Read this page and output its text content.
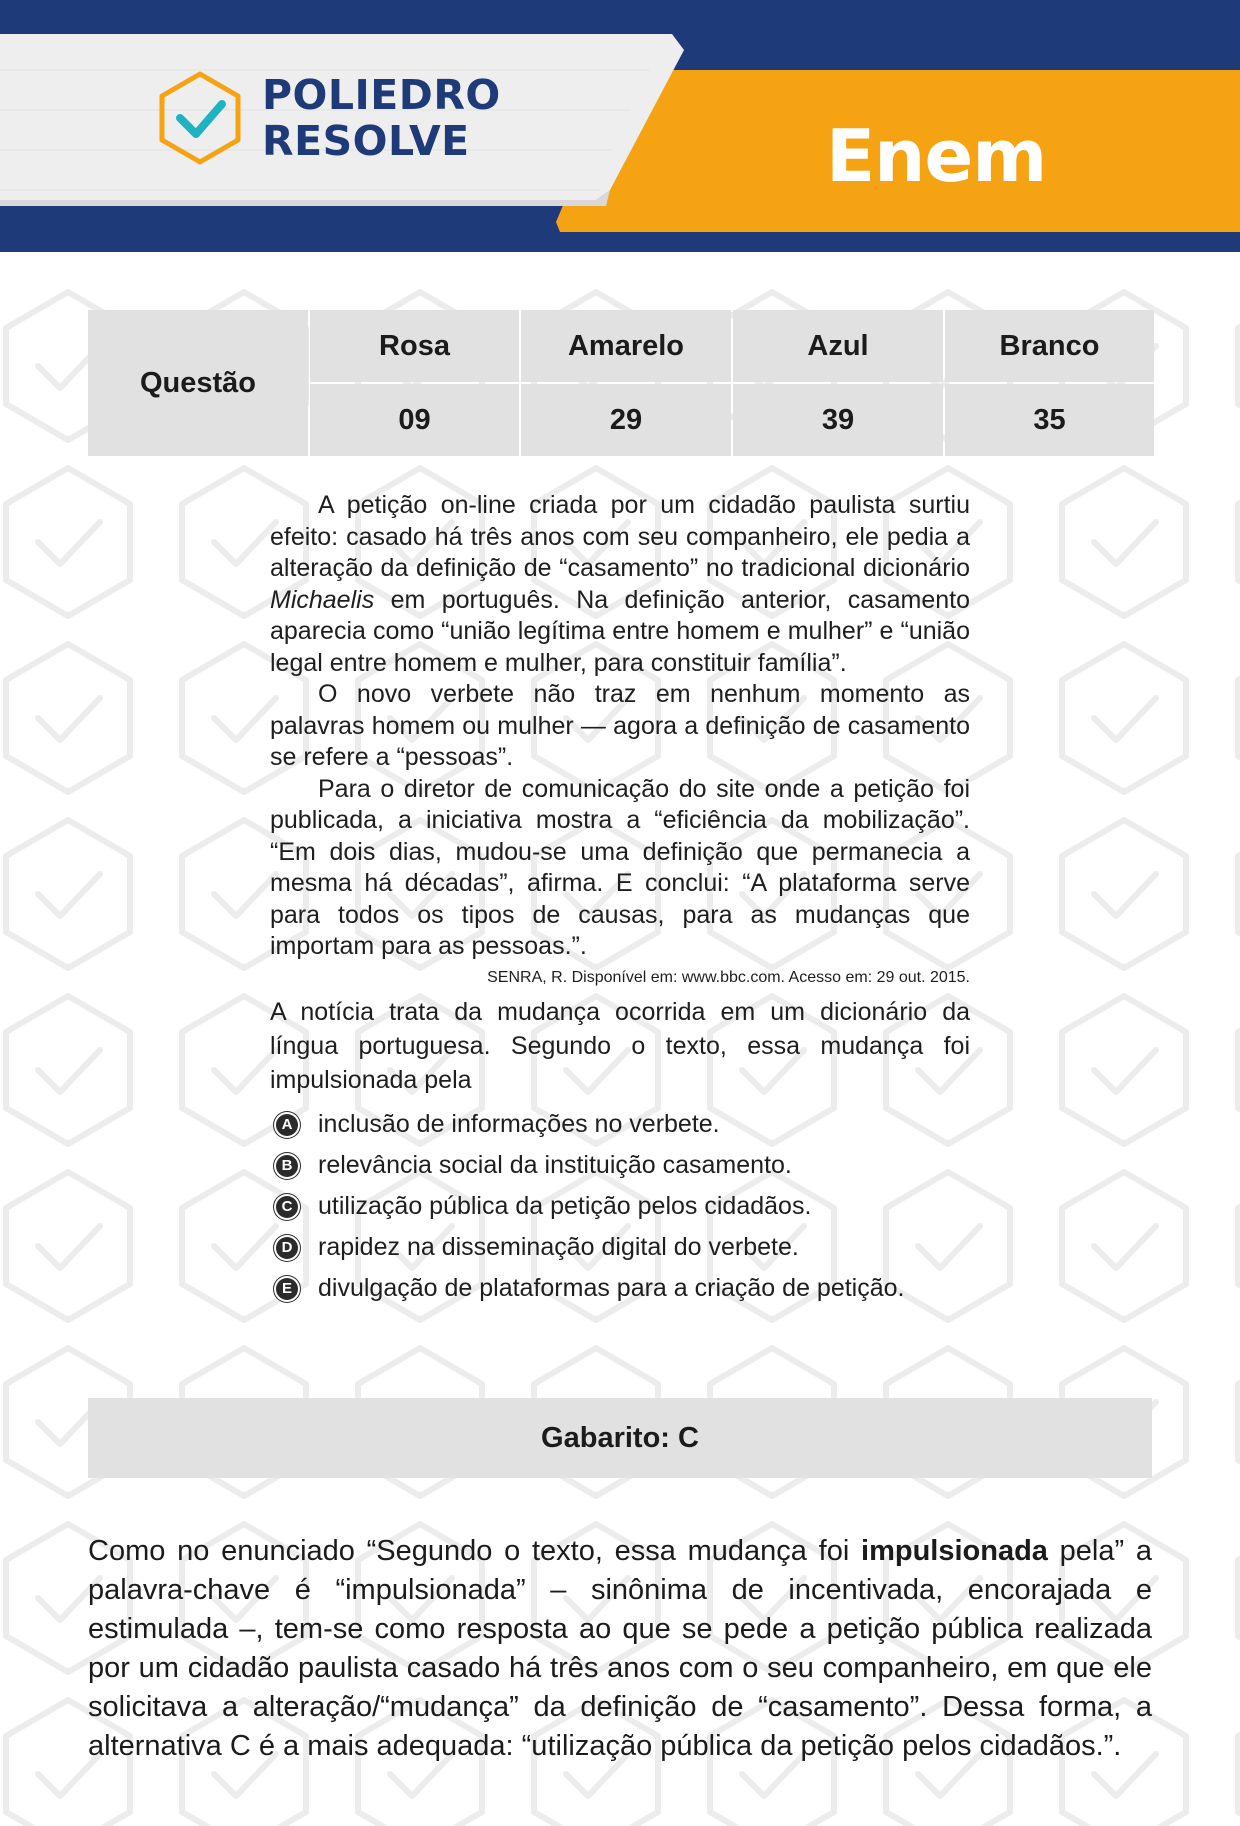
POLIEDRO
RESOLVE	Enem
Questão
Rosa	Amarelo	Azul	Branco
09	29	39	35

A petição on-line criada por um cidadão paulista surtiu efeito: casado há três anos com seu companheiro, ele pedia a alteração da definição de “casamento” no tradicional dicionário Michaelis em português. Na definição anterior, casamento aparecia como “união legítima entre homem e mulher” e “união legal entre homem e mulher, para constituir família”.

O novo verbete não traz em nenhum momento as palavras homem ou mulher — agora a definição de casamento se refere a “pessoas”.

Para o diretor de comunicação do site onde a petição foi publicada, a iniciativa mostra a “eficiência da mobilização”. “Em dois dias, mudou-se uma definição que permanecia a mesma há décadas”, afirma. E conclui: “A plataforma serve para todos os tipos de causas, para as mudanças que importam para as pessoas.”.

SENRA, R. Disponível em: www.bbc.com. Acesso em: 29 out. 2015.

A notícia trata da mudança ocorrida em um dicionário da língua portuguesa. Segundo o texto, essa mudança foi impulsionada pela

A inclusão de informações no verbete.
B relevância social da instituição casamento.
C utilização pública da petição pelos cidadãos.
D rapidez na disseminação digital do verbete.
E divulgação de plataformas para a criação de petição.
Gabarito: C
Como no enunciado “Segundo o texto, essa mudança foi impulsionada pela” a palavra-chave é “impulsionada” – sinônima de incentivada, encorajada e estimulada –, tem-se como resposta ao que se pede a petição pública realizada por um cidadão paulista casado há três anos com o seu companheiro, em que ele solicitava a alteração/“mudança” da definição de “casamento”. Dessa forma, a alternativa C é a mais adequada: “utilização pública da petição pelos cidadãos.”.
